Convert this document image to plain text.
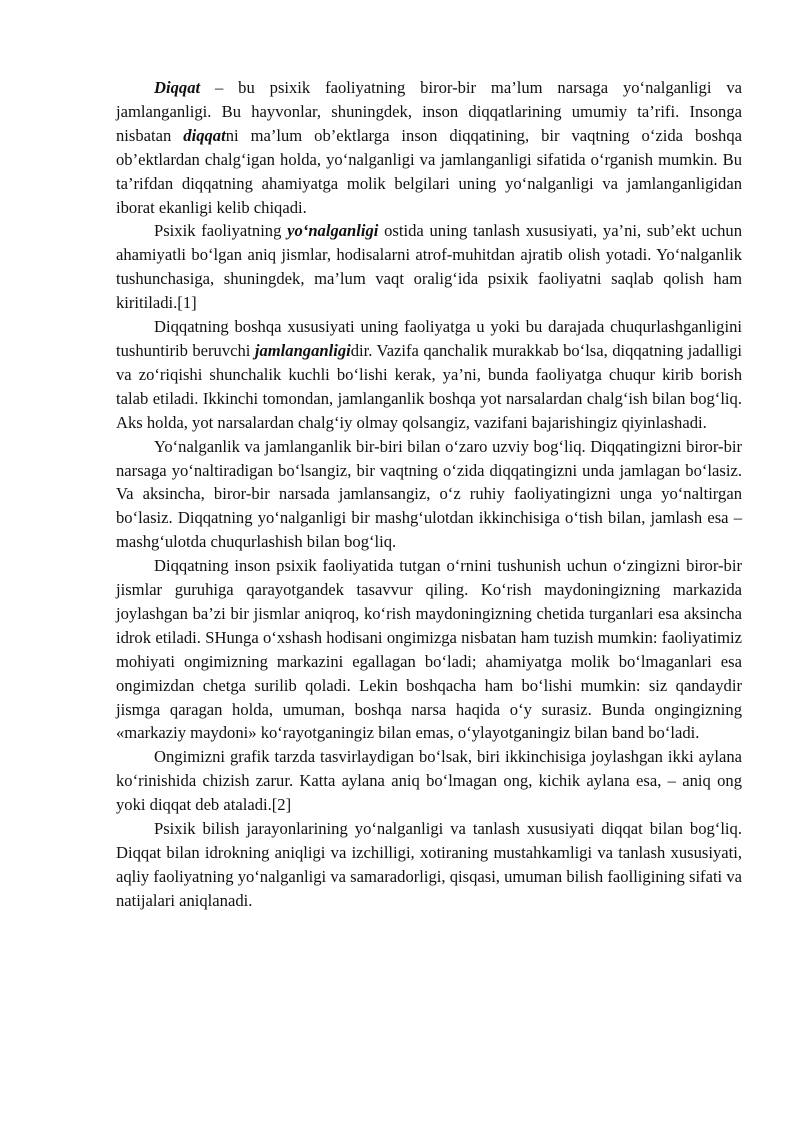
Diqqat – bu psixik faoliyatning biror-bir ma’lum narsaga yo‘nalganligi va jamlanganligi. Bu hayvonlar, shuningdek, inson diqqatlarining umumiy ta’rifi. Insonga nisbatan diqqatni ma’lum ob’ektlarga inson diqqatining, bir vaqtning o‘zida boshqa ob’ektlardan chalg‘igan holda, yo‘nalganligi va jamlanganligi sifatida o‘rganish mumkin. Bu ta’rifdan diqqatning ahamiyatga molik belgilari uning yo‘nalganligi va jamlanganligidan iborat ekanligi kelib chiqadi.

Psixik faoliyatning yo‘nalganligi ostida uning tanlash xususiyati, ya’ni, sub’ekt uchun ahamiyatli bo‘lgan aniq jismlar, hodisalarni atrof-muhitdan ajratib olish yotadi. Yo‘nalganlik tushunchasiga, shuningdek, ma’lum vaqt oralig‘ida psixik faoliyatni saqlab qolish ham kiritiladi.[1]

Diqqatning boshqa xususiyati uning faoliyatga u yoki bu darajada chuqurlashganligini tushuntirib beruvchi jamlanganligidir. Vazifa qanchalik murakkab bo‘lsa, diqqatning jadalligi va zo‘riqishi shunchalik kuchli bo‘lishi kerak, ya’ni, bunda faoliyatga chuqur kirib borish talab etiladi. Ikkinchi tomondan, jamlanganlik boshqa yot narsalardan chalg‘ish bilan bog‘liq. Aks holda, yot narsalardan chalg‘iy olmay qolsangiz, vazifani bajarishingiz qiyinlashadi.

Yo‘nalganlik va jamlanganlik bir-biri bilan o‘zaro uzviy bog‘liq. Diqqatingizni biror-bir narsaga yo‘naltiradigan bo‘lsangiz, bir vaqtning o‘zida diqqatingizni unda jamlagan bo‘lasiz. Va aksincha, biror-bir narsada jamlansangiz, o‘z ruhiy faoliyatingizni unga yo‘naltirgan bo‘lasiz. Diqqatning yo‘nalganligi bir mashg‘ulotdan ikkinchisiga o‘tish bilan, jamlash esa – mashg‘ulotda chuqurlashish bilan bog‘liq.

Diqqatning inson psixik faoliyatida tutgan o‘rnini tushunish uchun o‘zingizni biror-bir jismlar guruhiga qarayotgandek tasavvur qiling. Ko‘rish maydoningizning markazida joylashgan ba’zi bir jismlar aniqroq, ko‘rish maydoningizning chetida turganlari esa aksincha idrok etiladi. SHunga o‘xshash hodisani ongimizga nisbatan ham tuzish mumkin: faoliyatimiz mohiyati ongimizning markazini egallagan bo‘ladi; ahamiyatga molik bo‘lmaganlari esa ongimizdan chetga surilib qoladi. Lekin boshqacha ham bo‘lishi mumkin: siz qandaydir jismga qaragan holda, umuman, boshqa narsa haqida o‘y surasiz. Bunda ongingizning «markaziy maydoni» ko‘rayotganingiz bilan emas, o‘ylayotganingiz bilan band bo‘ladi.

Ongimizni grafik tarzda tasvirlaydigan bo‘lsak, biri ikkinchisiga joylashgan ikki aylana ko‘rinishida chizish zarur. Katta aylana aniq bo‘lmagan ong, kichik aylana esa, – aniq ong yoki diqqat deb ataladi.[2]

Psixik bilish jarayonlarining yo‘nalganligi va tanlash xususiyati diqqat bilan bog‘liq. Diqqat bilan idrokning aniqligi va izchilligi, xotiraning mustahkamligi va tanlash xususiyati, aqliy faoliyatning yo‘nalganligi va samaradorligi, qisqasi, umuman bilish faolligining sifati va natijalari aniqlanadi.
